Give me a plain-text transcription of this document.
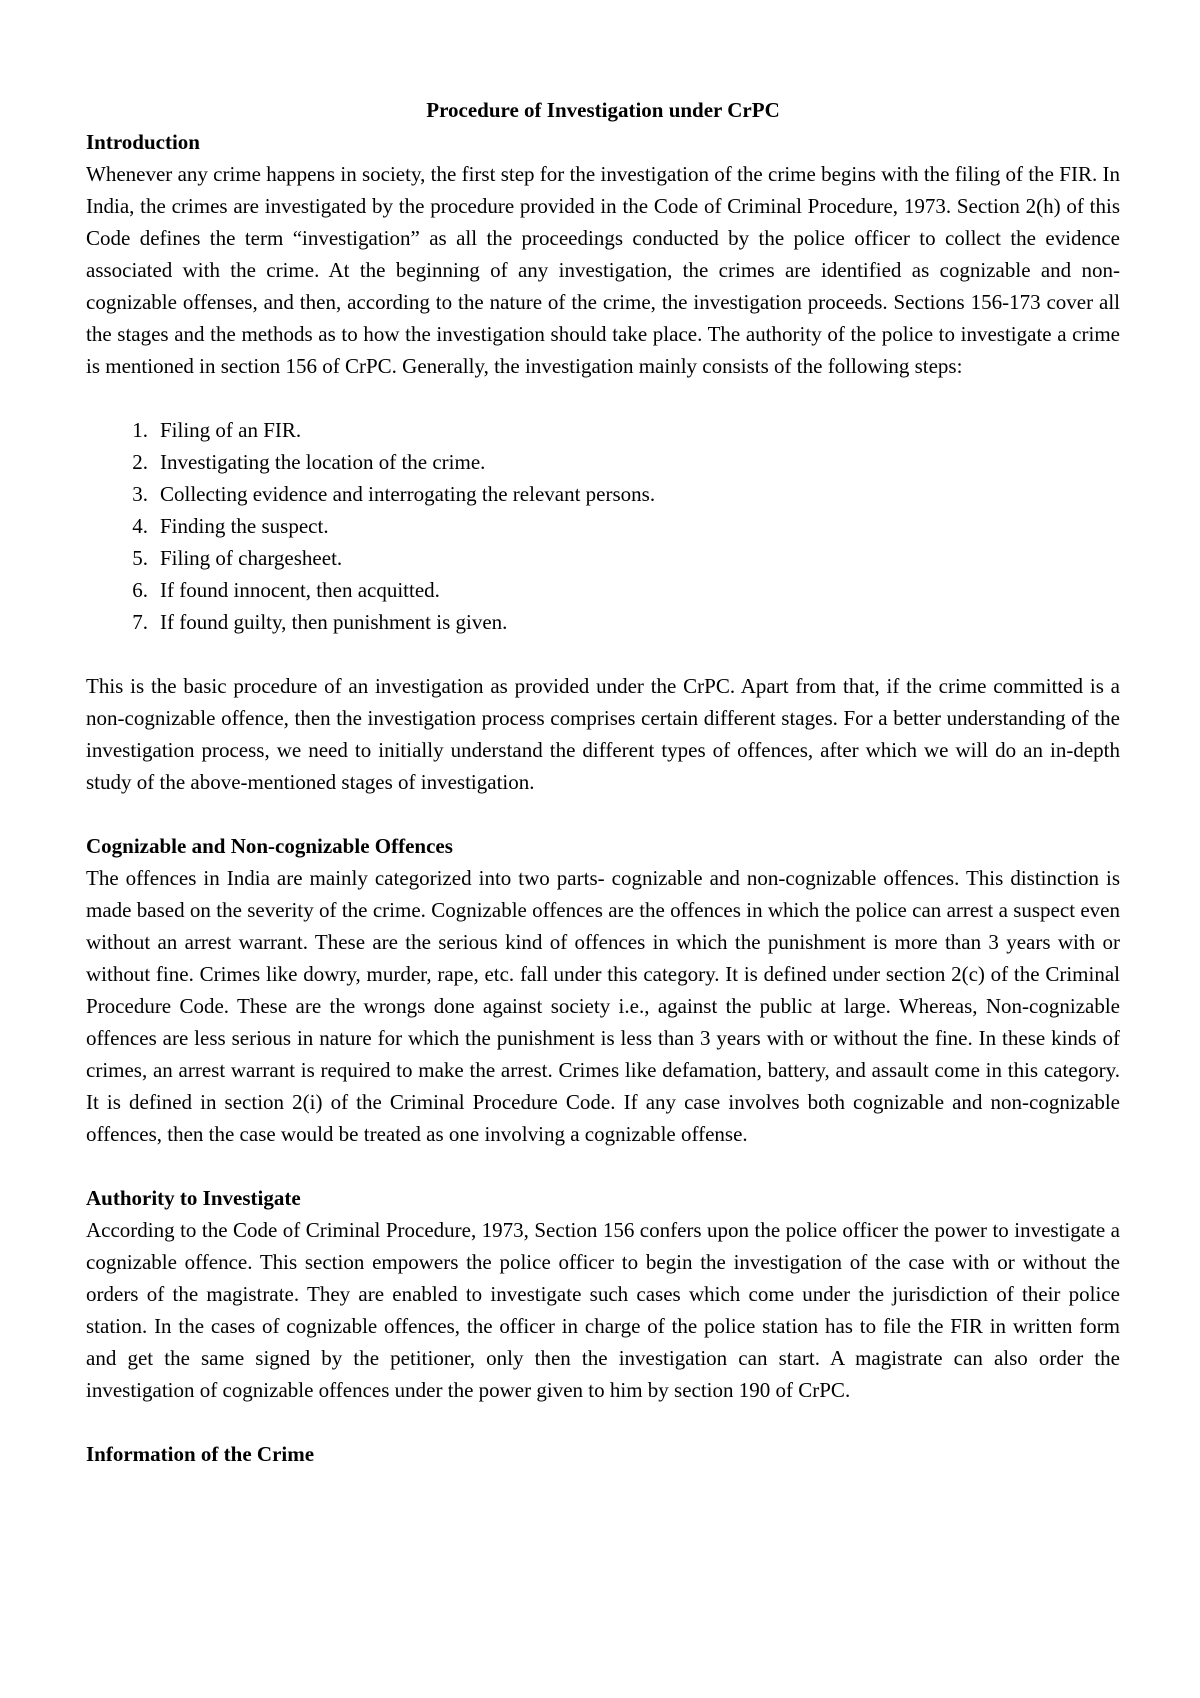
Procedure of Investigation under CrPC

Introduction

Whenever any crime happens in society, the first step for the investigation of the crime begins with the filing of the FIR. In India, the crimes are investigated by the procedure provided in the Code of Criminal Procedure, 1973. Section 2(h) of this Code defines the term “investigation” as all the proceedings conducted by the police officer to collect the evidence associated with the crime. At the beginning of any investigation, the crimes are identified as cognizable and non-cognizable offenses, and then, according to the nature of the crime, the investigation proceeds. Sections 156-173 cover all the stages and the methods as to how the investigation should take place. The authority of the police to investigate a crime is mentioned in section 156 of CrPC. Generally, the investigation mainly consists of the following steps:

1. Filing of an FIR.
2. Investigating the location of the crime.
3. Collecting evidence and interrogating the relevant persons.
4. Finding the suspect.
5. Filing of chargesheet.
6. If found innocent, then acquitted.
7. If found guilty, then punishment is given.

This is the basic procedure of an investigation as provided under the CrPC. Apart from that, if the crime committed is a non-cognizable offence, then the investigation process comprises certain different stages. For a better understanding of the investigation process, we need to initially understand the different types of offences, after which we will do an in-depth study of the above-mentioned stages of investigation.

Cognizable and Non-cognizable Offences

The offences in India are mainly categorized into two parts- cognizable and non-cognizable offences. This distinction is made based on the severity of the crime. Cognizable offences are the offences in which the police can arrest a suspect even without an arrest warrant. These are the serious kind of offences in which the punishment is more than 3 years with or without fine. Crimes like dowry, murder, rape, etc. fall under this category. It is defined under section 2(c) of the Criminal Procedure Code. These are the wrongs done against society i.e., against the public at large. Whereas, Non-cognizable offences are less serious in nature for which the punishment is less than 3 years with or without the fine. In these kinds of crimes, an arrest warrant is required to make the arrest. Crimes like defamation, battery, and assault come in this category. It is defined in section 2(i) of the Criminal Procedure Code. If any case involves both cognizable and non-cognizable offences, then the case would be treated as one involving a cognizable offense.

Authority to Investigate

According to the Code of Criminal Procedure, 1973, Section 156 confers upon the police officer the power to investigate a cognizable offence. This section empowers the police officer to begin the investigation of the case with or without the orders of the magistrate. They are enabled to investigate such cases which come under the jurisdiction of their police station. In the cases of cognizable offences, the officer in charge of the police station has to file the FIR in written form and get the same signed by the petitioner, only then the investigation can start. A magistrate can also order the investigation of cognizable offences under the power given to him by section 190 of CrPC.

Information of the Crime
